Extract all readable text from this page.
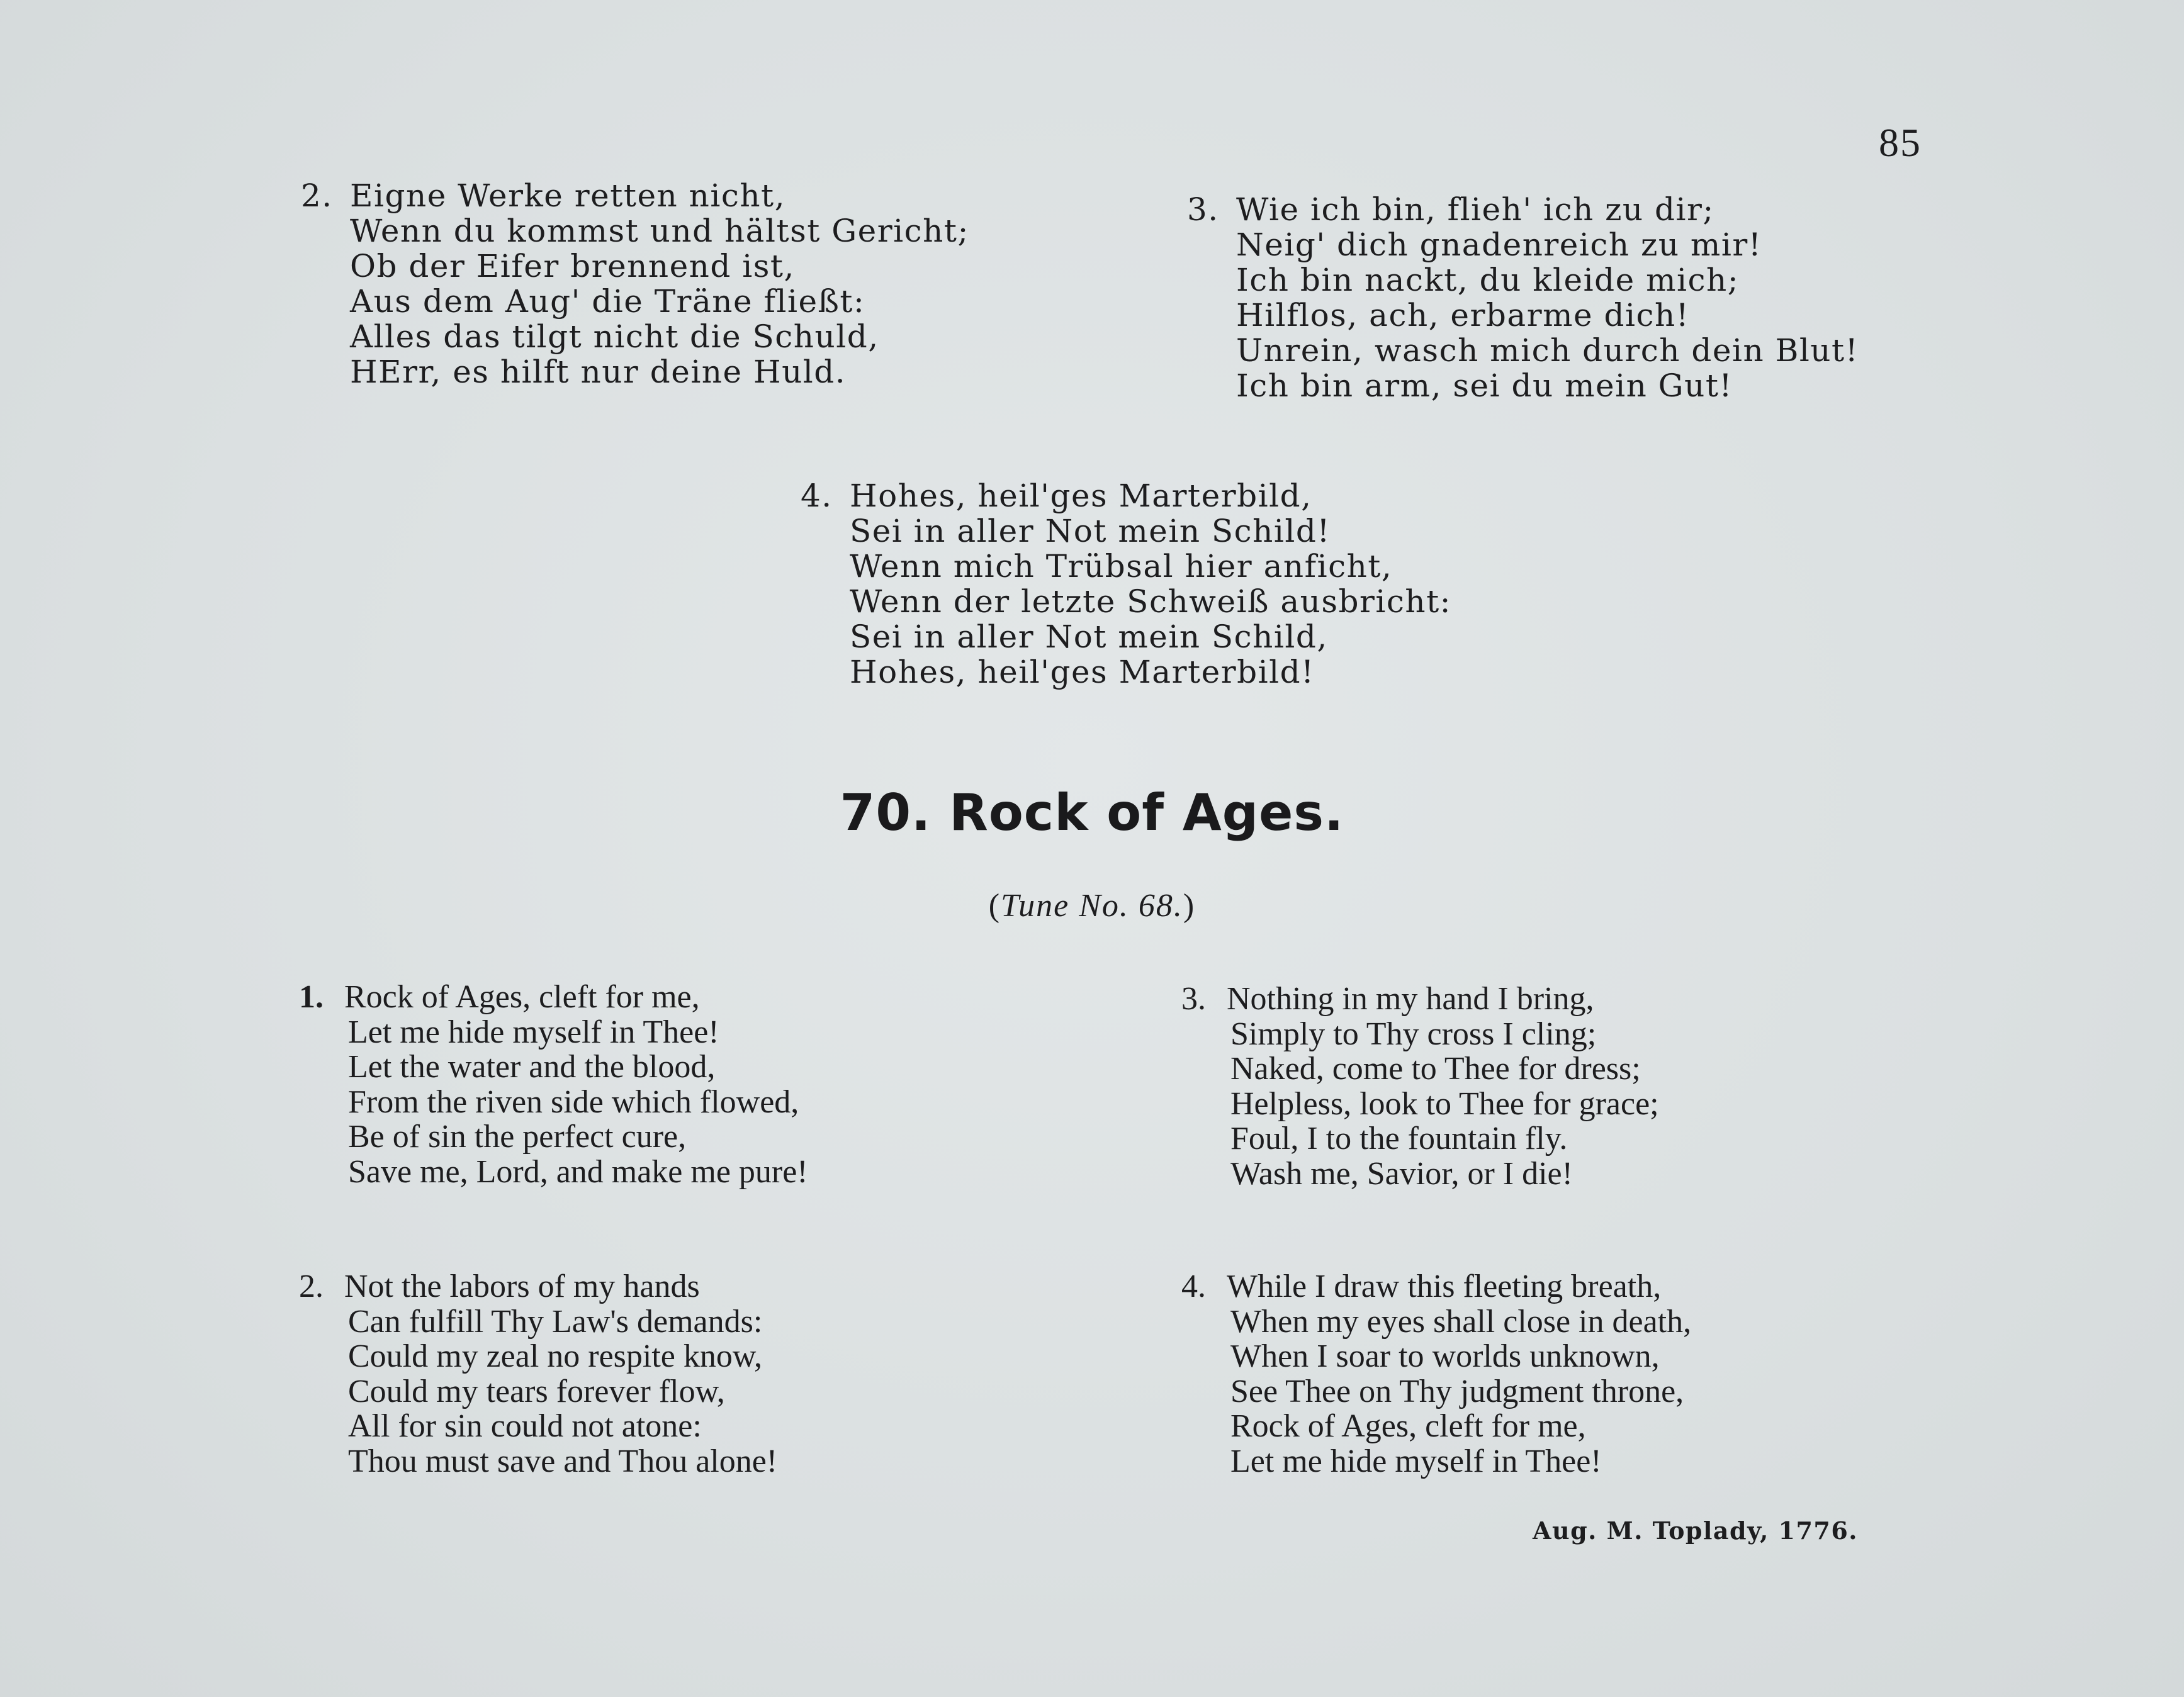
85
2. Eigne Werke retten nicht,
Wenn du kommst und hältst Gericht;
Ob der Eifer brennend ist,
Aus dem Aug' die Träne fließt:
Alles das tilgt nicht die Schuld,
HErr, es hilft nur deine Huld.
3. Wie ich bin, flieh' ich zu dir;
Neig' dich gnadenreich zu mir!
Ich bin nackt, du kleide mich;
Hilflos, ach, erbarme dich!
Unrein, wasch mich durch dein Blut!
Ich bin arm, sei du mein Gut!
4. Hohes, heil'ges Marterbild,
Sei in aller Not mein Schild!
Wenn mich Trübsal hier anficht,
Wenn der letzte Schweiß ausbricht:
Sei in aller Not mein Schild,
Hohes, heil'ges Marterbild!
70. Rock of Ages.
(Tune No. 68.)
1. Rock of Ages, cleft for me,
Let me hide myself in Thee!
Let the water and the blood,
From the riven side which flowed,
Be of sin the perfect cure,
Save me, Lord, and make me pure!
3. Nothing in my hand I bring,
Simply to Thy cross I cling;
Naked, come to Thee for dress;
Helpless, look to Thee for grace;
Foul, I to the fountain fly.
Wash me, Savior, or I die!
2. Not the labors of my hands
Can fulfill Thy Law's demands:
Could my zeal no respite know,
Could my tears forever flow,
All for sin could not atone:
Thou must save and Thou alone!
4. While I draw this fleeting breath,
When my eyes shall close in death,
When I soar to worlds unknown,
See Thee on Thy judgment throne,
Rock of Ages, cleft for me,
Let me hide myself in Thee!
Aug. M. Toplady, 1776.
